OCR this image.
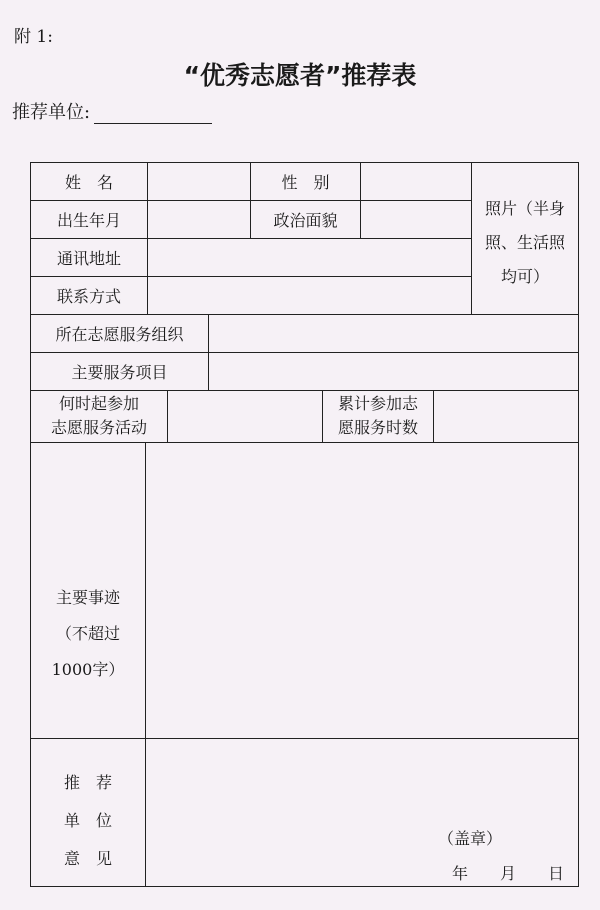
附 1:
“优秀志愿者”推荐表
推荐单位:
姓　名	性　别
出生年月	政治面貌
照片（半身
照、生活照
均可）
通讯地址
联系方式
所在志愿服务组织
主要服务项目
何时起参加
志愿服务活动
累计参加志
愿服务时数
主要事迹
（不超过
1000字）
推　荐
单　位
意　见
（盖章）
年　　月　　日
